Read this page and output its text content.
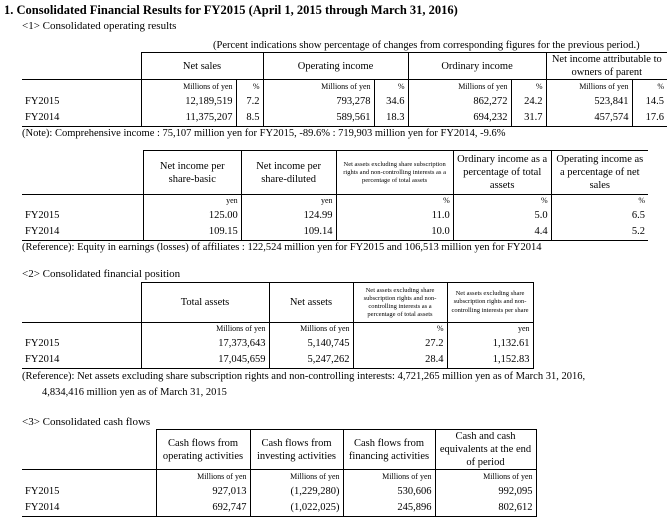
1. Consolidated Financial Results for FY2015 (April 1, 2015 through March 31, 2016)
<1> Consolidated operating results
(Percent indications show percentage of changes from corresponding figures for the previous period.)
	Net sales		Operating income		Ordinary income		Net income attributable to owners of parent	
	Millions of yen	%	Millions of yen	%	Millions of yen	%	Millions of yen	%
FY2015	12,189,519	7.2	793,278	34.6	862,272	24.2	523,841	14.5
FY2014	11,375,207	8.5	589,561	18.3	694,232	31.7	457,574	17.6
(Note): Comprehensive income : 75,107 million yen for FY2015, -89.6% : 719,903 million yen for FY2014, -9.6%
	Net income per share-basic	Net income per share-diluted	Net assets excluding share subscription rights and non-controlling interests as a percentage of total assets	Ordinary income as a percentage of total assets	Operating income as a percentage of net sales
	yen	yen	%	%	%
FY2015	125.00	124.99	11.0	5.0	6.5
FY2014	109.15	109.14	10.0	4.4	5.2
(Reference): Equity in earnings (losses) of affiliates : 122,524 million yen for FY2015 and 106,513 million yen for FY2014
<2> Consolidated financial position
	Total assets	Net assets	Net assets excluding share subscription rights and non-controlling interests as a percentage of total assets	Net assets excluding share subscription rights and non-controlling interests per share
	Millions of yen	Millions of yen	%	yen
FY2015	17,373,643	5,140,745	27.2	1,132.61
FY2014	17,045,659	5,247,262	28.4	1,152.83
(Reference): Net assets excluding share subscription rights and non-controlling interests: 4,721,265 million yen as of March 31, 2016,
4,834,416 million yen as of March 31, 2015
<3> Consolidated cash flows
	Cash flows from operating activities	Cash flows from investing activities	Cash flows from financing activities	Cash and cash equivalents at the end of period
	Millions of yen	Millions of yen	Millions of yen	Millions of yen
FY2015	927,013	(1,229,280)	530,606	992,095
FY2014	692,747	(1,022,025)	245,896	802,612
